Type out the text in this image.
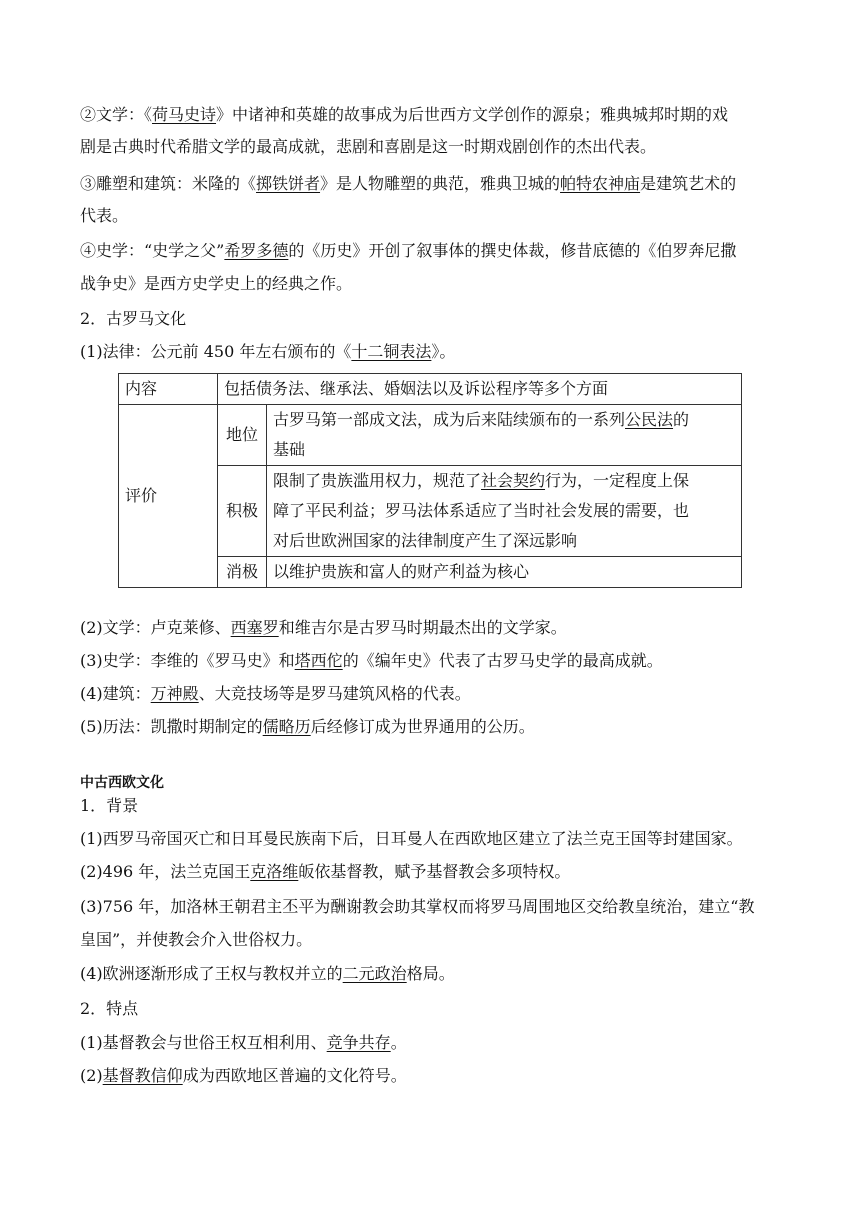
②文学：《荷马史诗》中诸神和英雄的故事成为后世西方文学创作的源泉；雅典城邦时期的戏
剧是古典时代希腊文学的最高成就，悲剧和喜剧是这一时期戏剧创作的杰出代表。
③雕塑和建筑：米隆的《掷铁饼者》是人物雕塑的典范，雅典卫城的帕特农神庙是建筑艺术的
代表。
④史学：“史学之父”希罗多德的《历史》开创了叙事体的撰史体裁，修昔底德的《伯罗奔尼撒
战争史》是西方史学史上的经典之作。
2．古罗马文化
(1)法律：公元前 450 年左右颁布的《十二铜表法》。
内容	包括债务法、继承法、婚姻法以及诉讼程序等多个方面	
评价	地位	古罗马第一部成文法，成为后来陆续颁布的一系列公民法的
基础
	积极	限制了贵族滥用权力，规范了社会契约行为，一定程度上保
障了平民利益；罗马法体系适应了当时社会发展的需要，也
对后世欧洲国家的法律制度产生了深远影响
	消极	以维护贵族和富人的财产利益为核心
(2)文学：卢克莱修、西塞罗和维吉尔是古罗马时期最杰出的文学家。
(3)史学：李维的《罗马史》和塔西佗的《编年史》代表了古罗马史学的最高成就。
(4)建筑：万神殿、大竞技场等是罗马建筑风格的代表。
(5)历法：凯撒时期制定的儒略历后经修订成为世界通用的公历。
中古西欧文化
1．背景
(1)西罗马帝国灭亡和日耳曼民族南下后，日耳曼人在西欧地区建立了法兰克王国等封建国家。
(2)496 年，法兰克国王克洛维皈依基督教，赋予基督教会多项特权。
(3)756 年，加洛林王朝君主丕平为酬谢教会助其掌权而将罗马周围地区交给教皇统治，建立“教
皇国”，并使教会介入世俗权力。
(4)欧洲逐渐形成了王权与教权并立的二元政治格局。
2．特点
(1)基督教会与世俗王权互相利用、竞争共存。
(2)基督教信仰成为西欧地区普遍的文化符号。
